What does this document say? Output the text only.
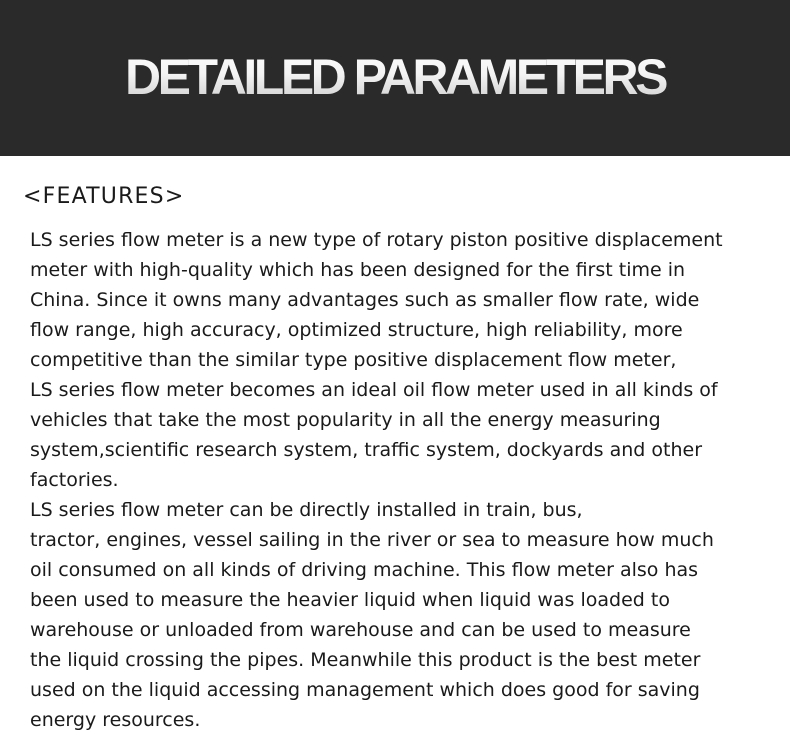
DETAILED PARAMETERS
<FEATURES>
LS series flow meter is a new type of rotary piston positive displacement
meter with high-quality which has been designed for the first time in
China. Since it owns many advantages such as smaller flow rate, wide
flow range, high accuracy, optimized structure, high reliability, more
competitive than the similar type positive displacement flow meter,
LS series flow meter becomes an ideal oil flow meter used in all kinds of
vehicles that take the most popularity in all the energy measuring
system,scientific research system, traffic system, dockyards and other
factories.
LS series flow meter can be directly installed in train, bus,
tractor, engines, vessel sailing in the river or sea to measure how much
oil consumed on all kinds of driving machine. This flow meter also has
been used to measure the heavier liquid when liquid was loaded to
warehouse or unloaded from warehouse and can be used to measure
the liquid crossing the pipes. Meanwhile this product is the best meter
used on the liquid accessing management which does good for saving
energy resources.
